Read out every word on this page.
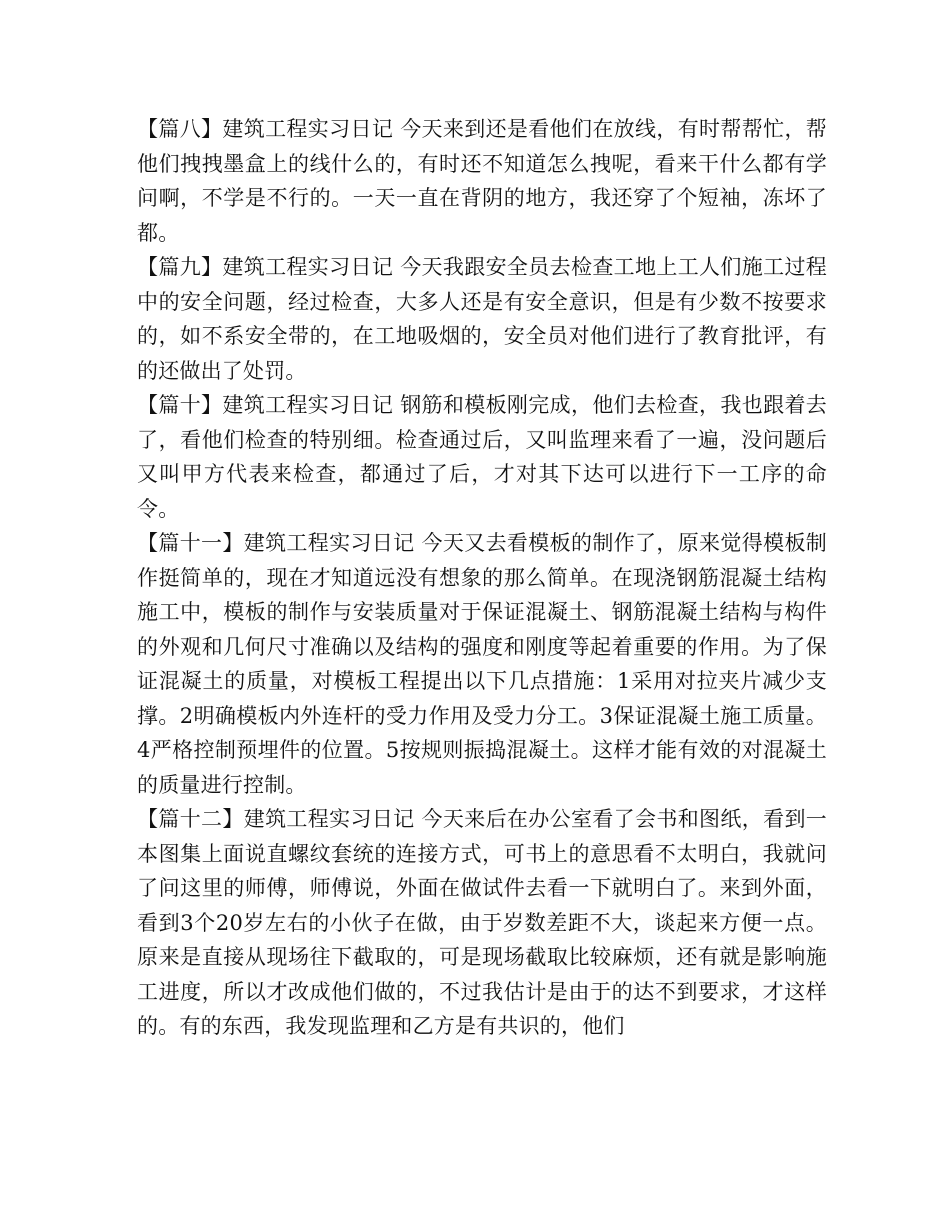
【篇八】建筑工程实习日记 今天来到还是看他们在放线，有时帮帮忙，帮他们拽拽墨盒上的线什么的，有时还不知道怎么拽呢，看来干什么都有学问啊，不学是不行的。一天一直在背阴的地方，我还穿了个短袖，冻坏了都。

【篇九】建筑工程实习日记 今天我跟安全员去检查工地上工人们施工过程中的安全问题，经过检查，大多人还是有安全意识，但是有少数不按要求的，如不系安全带的，在工地吸烟的，安全员对他们进行了教育批评，有的还做出了处罚。

【篇十】建筑工程实习日记 钢筋和模板刚完成，他们去检查，我也跟着去了，看他们检查的特别细。检查通过后，又叫监理来看了一遍，没问题后又叫甲方代表来检查，都通过了后，才对其下达可以进行下一工序的命令。

【篇十一】建筑工程实习日记 今天又去看模板的制作了，原来觉得模板制作挺简单的，现在才知道远没有想象的那么简单。在现浇钢筋混凝土结构施工中，模板的制作与安装质量对于保证混凝土、钢筋混凝土结构与构件的外观和几何尺寸准确以及结构的强度和刚度等起着重要的作用。为了保证混凝土的质量，对模板工程提出以下几点措施：1采用对拉夹片减少支撑。2明确模板内外连杆的受力作用及受力分工。3保证混凝土施工质量。4严格控制预埋件的位置。5按规则振捣混凝土。这样才能有效的对混凝土的质量进行控制。

【篇十二】建筑工程实习日记 今天来后在办公室看了会书和图纸，看到一本图集上面说直螺纹套统的连接方式，可书上的意思看不太明白，我就问了问这里的师傅，师傅说，外面在做试件去看一下就明白了。来到外面，看到3个20岁左右的小伙子在做，由于岁数差距不大，谈起来方便一点。原来是直接从现场往下截取的，可是现场截取比较麻烦，还有就是影响施工进度，所以才改成他们做的，不过我估计是由于的达不到要求，才这样的。有的东西，我发现监理和乙方是有共识的，他们
